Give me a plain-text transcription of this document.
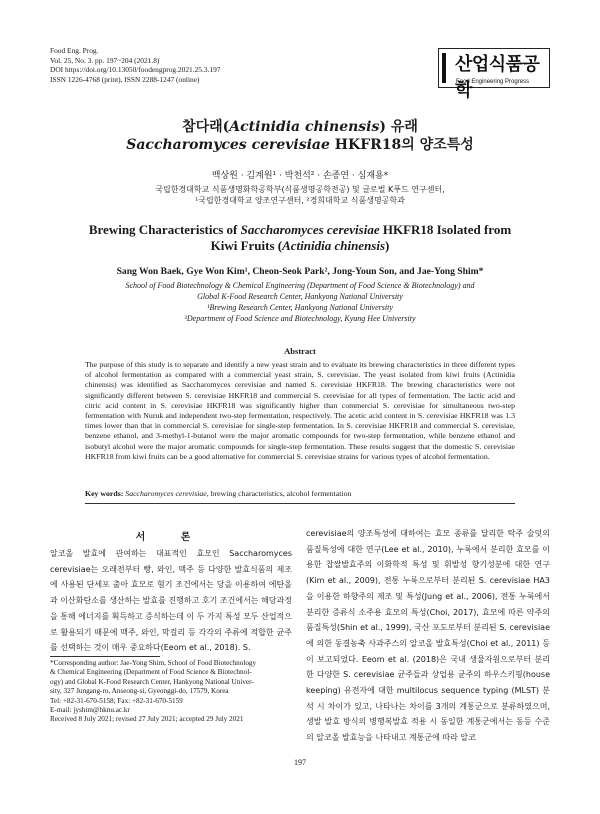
Food Eng. Prog.
Vol. 25, No. 3. pp. 197~204 (2021.8)
DOI https://doi.org/10.13050/foodengprog.2021.25.3.197
ISSN 1226-4768 (print), ISSN 2288-1247 (online)
산업식품공학
Food Engineering Progress
참다래(Actinidia chinensis) 유래
Saccharomyces cerevisiae HKFR18의 양조특성
백상원 · 김계원¹ · 박천석² · 손종연 · 심재용*
국립한경대학교 식품생명화학공학부(식품생명공학전공) 및 글로벌 K푸드 연구센터,
¹국립한경대학교 양조연구센터, ²경희대학교 식품생명공학과
Brewing Characteristics of Saccharomyces cerevisiae HKFR18 Isolated from
Kiwi Fruits (Actinidia chinensis)
Sang Won Baek, Gye Won Kim¹, Cheon-Seok Park², Jong-Youn Son, and Jae-Yong Shim*
School of Food Biotechnology & Chemical Engineering (Department of Food Science & Biotechnology) and
Global K-Food Research Center, Hankyong National University
¹Brewing Research Center, Hankyong National University
²Department of Food Science and Biotechnology, Kyung Hee University
Abstract
The purpose of this study is to separate and identify a new yeast strain and to evaluate its brewing characteristics in three different types of alcohol fermentation as compared with a commercial yeast strain, S. cerevisiae. The yeast isolated from kiwi fruits (Actinidia chinensis) was identified as Saccharomyces cerevisiae and named S. cerevisiae HKFR18. The brewing characteristics were not significantly different between S. cerevisiae HKFR18 and commercial S. cerevisiae for all types of fermentation. The lactic acid and citric acid content in S. cerevisiae HKFR18 was significantly higher than commercial S. cerevisiae for simultaneous two-step fermentation with Nuruk and independent two-step fermentation, respectively. The acetic acid content in S. cerevisiae HKFR18 was 1.3 times lower than that in commercial S. cerevisiae for single-step fermentation. In S. cerevisiae HKFR18 and commercial S. cerevisiae, benzene ethanol, and 3-methyl-1-butanol were the major aromatic compounds for two-step fermentation, while benzene ethanol and isobutyl alcohol were the major aromatic compounds for single-step fermentation. These results suggest that the domestic S. cerevisiae HKFR18 from kiwi fruits can be a good alternative for commercial S. cerevisiae strains for various types of alcohol fermentation.
Key words: Saccharomyces cerevisiae, brewing characteristics, alcohol fermentation
서 론
알코올 발효에 관여하는 대표적인 효모인 Saccharomyces cerevisiae는 오래전부터 빵, 와인, 맥주 등 다양한 발효식품의 제조에 사용된 단세포 출아 효모로 혐기 조건에서는 당을 이용하여 에탄올과 이산화탄소를 생산하는 발효를 진행하고 호기 조건에서는 해당과정을 통해 에너지를 획득하고 증식하는데 이 두 가지 특성 모두 산업적으로 활용되기 때문에 맥주, 와인, 막걸리 등 각각의 주류에 적합한 균주를 선택하는 것이 매우 중요하다(Eeom et al., 2018). S.
cerevisiae의 양조특성에 대하여는 효모 종류를 달리한 탁주 술덧의 품질특성에 대한 연구(Lee et al., 2010), 누룩에서 분리한 효모를 이용한 찹쌀발효주의 이화학적 특성 및 휘발성 향기성분에 대한 연구(Kim et al., 2009), 전통 누룩으로부터 분리된 S. cerevisiae HA3을 이용한 하향주의 제조 및 특성(Jung et al., 2006), 전통 누룩에서 분리한 증류식 소주용 효모의 특성(Choi, 2017), 효모에 따른 약주의 품질특성(Shin et al., 1999), 국산 포도로부터 분리된 S. cerevisiae에 의한 동결농축 사과주스의 알코올 발효특성(Choi et al., 2011) 등이 보고되었다. Eeom et al. (2018)은 국내 생물자원으로부터 분리한 다양한 S. cerevisiae 균주들과 상업용 균주의 하우스키핑(house keeping) 유전자에 대한 multilocus sequence typing (MLST) 분석 시 차이가 있고, 나타나는 차이를 3개의 계통군으로 분류하였으며, 생발 발효 방식의 병행복발효 적용 시 동일한 계통군에서는 동등 수준의 알코올 발효능을 나타내고 계통군에 따라 알코
*Corresponding author: Jae-Yong Shim, School of Food Biotechnology
& Chemical Engineering (Department of Food Science & Biotechnol-
ogy) and Global K-Food Research Center, Hankyong National Univer-
sity, 327 Jungang-ro, Anseong-si, Gyeonggi-do, 17579, Korea
Tel: +82-31-670-5158; Fax: +82-31-670-5159
E-mail: jyshim@hknu.ac.kr
Received 8 July 2021; revised 27 July 2021; accepted 29 July 2021
197
